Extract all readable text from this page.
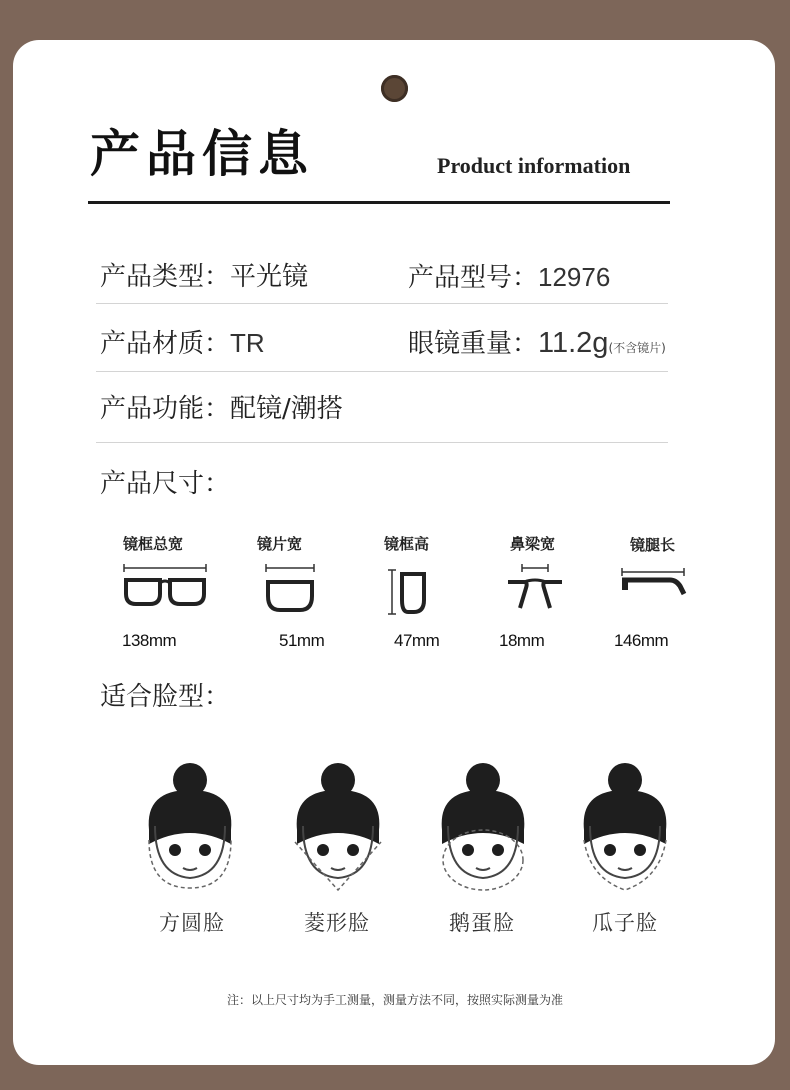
产品信息	Product information
产品类型：平光镜	产品型号：12976
产品材质：TR	眼镜重量：11.2g(不含镜片)
产品功能：配镜/潮搭
产品尺寸：
镜框总宽	镜片宽	镜框高	鼻梁宽	镜腿长
138mm	51mm	47mm	18mm	146mm
适合脸型：
方圆脸	菱形脸	鹅蛋脸	瓜子脸
注：以上尺寸均为手工测量，测量方法不同，按照实际测量为准
